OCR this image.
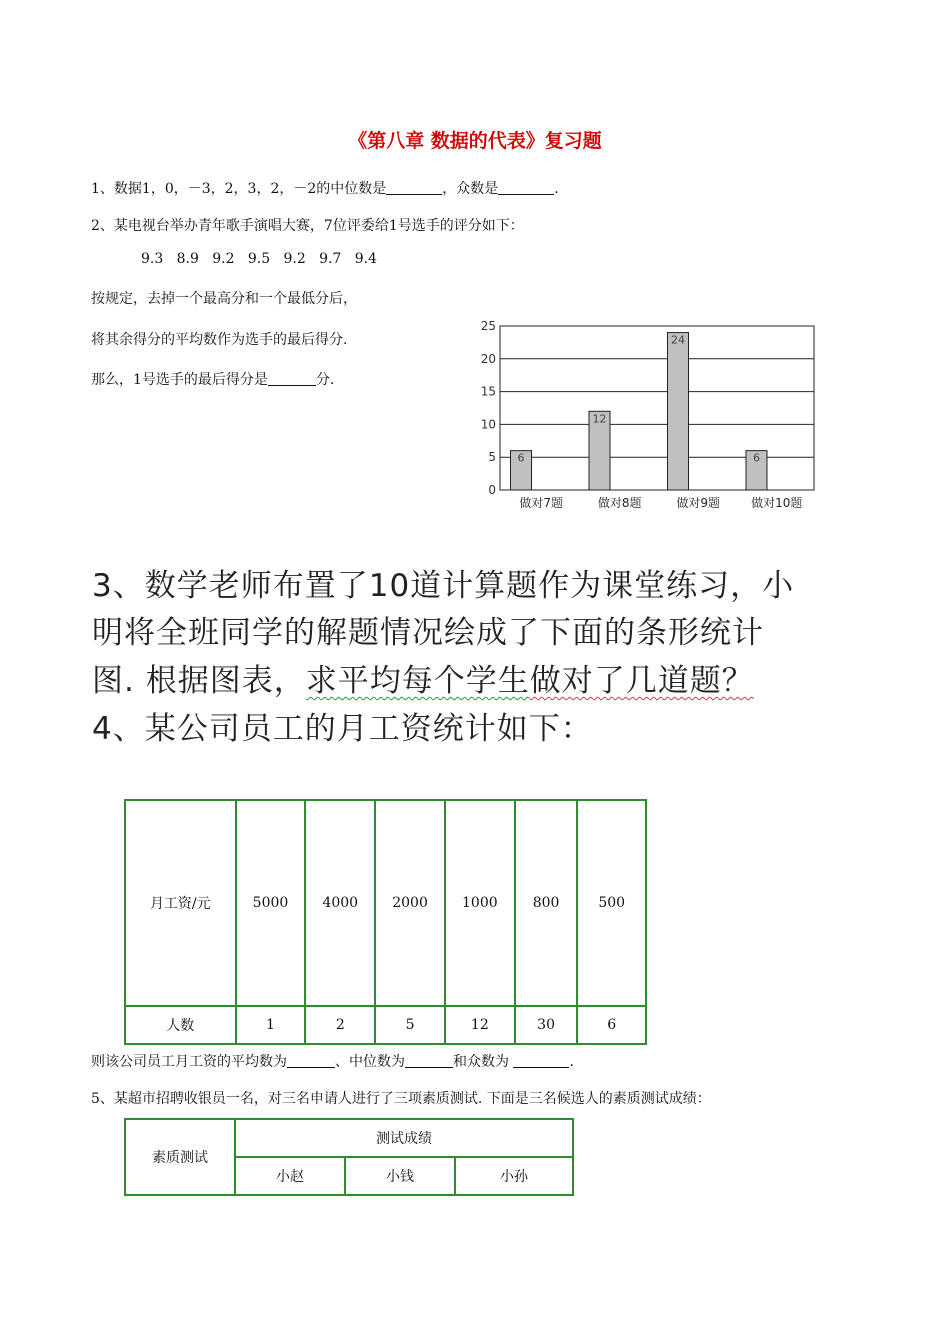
《第八章 数据的代表》复习题
1、数据1，0，－3，2，3，2，－2的中位数是	，众数是	.
2、某电视台举办青年歌手演唱大赛，7位评委给1号选手的评分如下：
9.3   8.9   9.2   9.5   9.2   9.7   9.4
按规定，去掉一个最高分和一个最低分后，
将其余得分的平均数作为选手的最后得分.
那么，1号选手的最后得分是	分.
0
5
10
15
20
25
做对7题	做对8题	做对9题	做对10题
6
12
24
6
3、数学老师布置了10道计算题作为课堂练习，小
明将全班同学的解题情况绘成了下面的条形统计
图. 根据图表，求平均每个学生做对了几道题？
4、某公司员工的月工资统计如下：
月工资/元	5000	4000	2000	1000	800	500
人数	1	2	5	12	30	6
则该公司员工月工资的平均数为	、中位数为	和众数为	.
5、某超市招聘收银员一名，对三名申请人进行了三项素质测试. 下面是三名候选人的素质测试成绩：
素质测试	测试成绩		
	小赵	小钱	小孙
